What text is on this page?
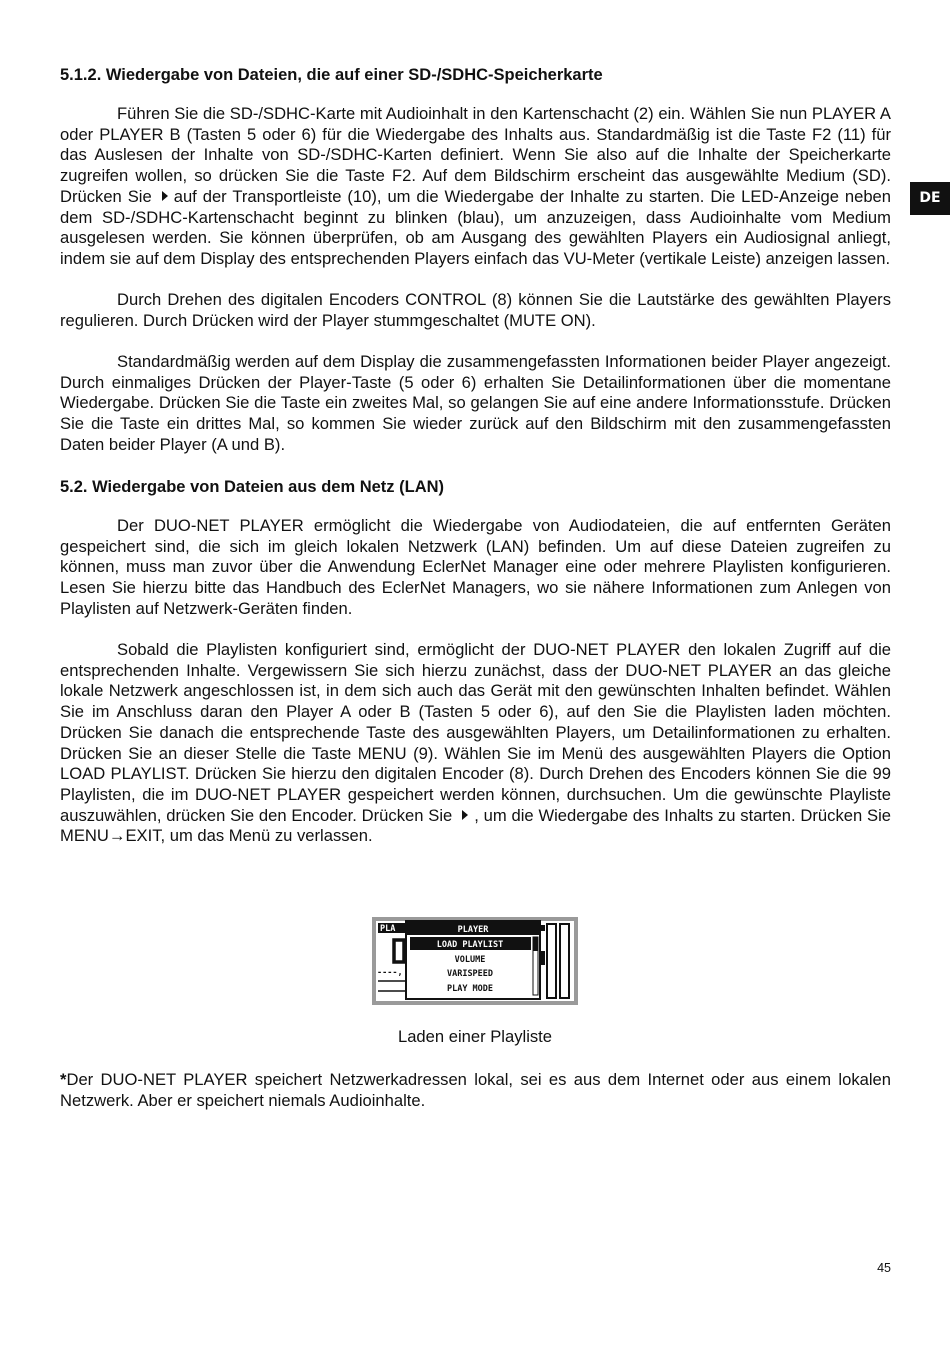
DE
5.1.2. Wiedergabe von Dateien, die auf einer SD-/SDHC-Speicherkarte

Führen Sie die SD-/SDHC-Karte mit Audioinhalt in den Kartenschacht (2) ein. Wählen Sie nun PLAYER A oder PLAYER B (Tasten 5 oder 6) für die Wiedergabe des Inhalts aus. Standardmäßig ist die Taste F2 (11) für das Auslesen der Inhalte von SD-/SDHC-Karten definiert. Wenn Sie also auf die Inhalte der Speicherkarte zugreifen wollen, so drücken Sie die Taste F2. Auf dem Bildschirm erscheint das ausgewählte Medium (SD). Drücken Sie auf der Transportleiste (10), um die Wiedergabe der Inhalte zu starten. Die LED-Anzeige neben dem SD-/SDHC-Kartenschacht beginnt zu blinken (blau), um anzuzeigen, dass Audioinhalte vom Medium ausgelesen werden. Sie können überprüfen, ob am Ausgang des gewählten Players ein Audiosignal anliegt, indem sie auf dem Display des entsprechenden Players einfach das VU-Meter (vertikale Leiste) anzeigen lassen.

Durch Drehen des digitalen Encoders CONTROL (8) können Sie die Lautstärke des gewählten Players regulieren. Durch Drücken wird der Player stummgeschaltet (MUTE ON).

Standardmäßig werden auf dem Display die zusammengefassten Informationen beider Player angezeigt. Durch einmaliges Drücken der Player-Taste (5 oder 6) erhalten Sie Detailinformationen über die momentane Wiedergabe. Drücken Sie die Taste ein zweites Mal, so gelangen Sie auf eine andere Informationsstufe. Drücken Sie die Taste ein drittes Mal, so kommen Sie wieder zurück auf den Bildschirm mit den zusammengefassten Daten beider Player (A und B).

5.2. Wiedergabe von Dateien aus dem Netz (LAN)

Der DUO-NET PLAYER ermöglicht die Wiedergabe von Audiodateien, die auf entfernten Geräten gespeichert sind, die sich im gleich lokalen Netzwerk (LAN) befinden. Um auf diese Dateien zugreifen zu können, muss man zuvor über die Anwendung EclerNet Manager eine oder mehrere Playlisten konfigurieren. Lesen Sie hierzu bitte das Handbuch des EclerNet Managers, wo sie nähere Informationen zum Anlegen von Playlisten auf Netzwerk-Geräten finden.

Sobald die Playlisten konfiguriert sind, ermöglicht der DUO-NET PLAYER den lokalen Zugriff auf die entsprechenden Inhalte. Vergewissern Sie sich hierzu zunächst, dass der DUO-NET PLAYER an das gleiche lokale Netzwerk angeschlossen ist, in dem sich auch das Gerät mit den gewünschten Inhalten befindet. Wählen Sie im Anschluss daran den Player A oder B (Tasten 5 oder 6), auf den Sie die Playlisten laden möchten. Drücken Sie danach die entsprechende Taste des ausgewählten Players, um Detailinformationen zu erhalten. Drücken Sie an dieser Stelle die Taste MENU (9). Wählen Sie im Menü des ausgewählten Players die Option LOAD PLAYLIST. Drücken Sie hierzu den digitalen Encoder (8). Durch Drehen des Encoders können Sie die 99 Playlisten, die im DUO-NET PLAYER gespeichert werden können, durchsuchen. Um die gewünschte Playliste auszuwählen, drücken Sie den Encoder. Drücken Sie , um die Wiedergabe des Inhalts zu starten. Drücken Sie MENU→EXIT, um das Menü zu verlassen.

PLA
----,
PLAYER
LOAD PLAYLIST
VOLUME
VARISPEED
PLAY MODE
Laden einer Playliste
*Der DUO-NET PLAYER speichert Netzwerkadressen lokal, sei es aus dem Internet oder aus einem lokalen Netzwerk. Aber er speichert niemals Audioinhalte.
45
